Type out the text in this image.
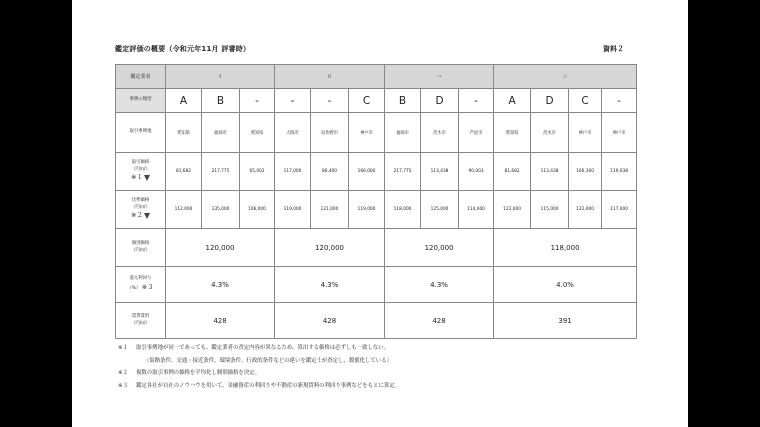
鑑定評価の概要（令和元年11月 評審時）	資料２
鑑定業者	イ			ロ			ハ			ニ			
事例の類型	A	B	-	-	-	C	B	D	-	A	D	C	-
取引事例地	愛知県	福岡市	愛知県	大阪市	泉佐野市	神戸市	福岡市	茨木市	芦屋市	愛知県	茨木市	神戸市	神戸市
取引価格
（円/㎡）
※１	81,682	217,775	65,003	117,000	86,400	166,000	217,775	113,438	90,003	81,682	113,438	166,300	119,038
比準価格
（円/㎡）
※２	112,000	135,000	106,000	119,000	121,000	119,000	118,000	125,000	114,000	122,000	115,000	122,000	117,000
個別価格
（円/㎡）	120,000			120,000			120,000			118,000			
還元利回り
（%） ※３	4.3%			4.3%			4.3%			4.0%			
賃貸賃料
（円/㎡）	428			428			428			391			
※１	取引事例地が同一であっても、鑑定業者の査定内容が異なるため、算出する価格は必ずしも一致しない。
（街路条件、交通・接近条件、環境条件、行政的条件などの違いを鑑定士が査定し、数値化している）
※２	複数の取引事例の価格を平均化し個別価格を決定。
※３	鑑定各社が自社のノウハウを用いて、金融資産の利回りや不動産の新規賃料の利回り事例などをもとに算定。
